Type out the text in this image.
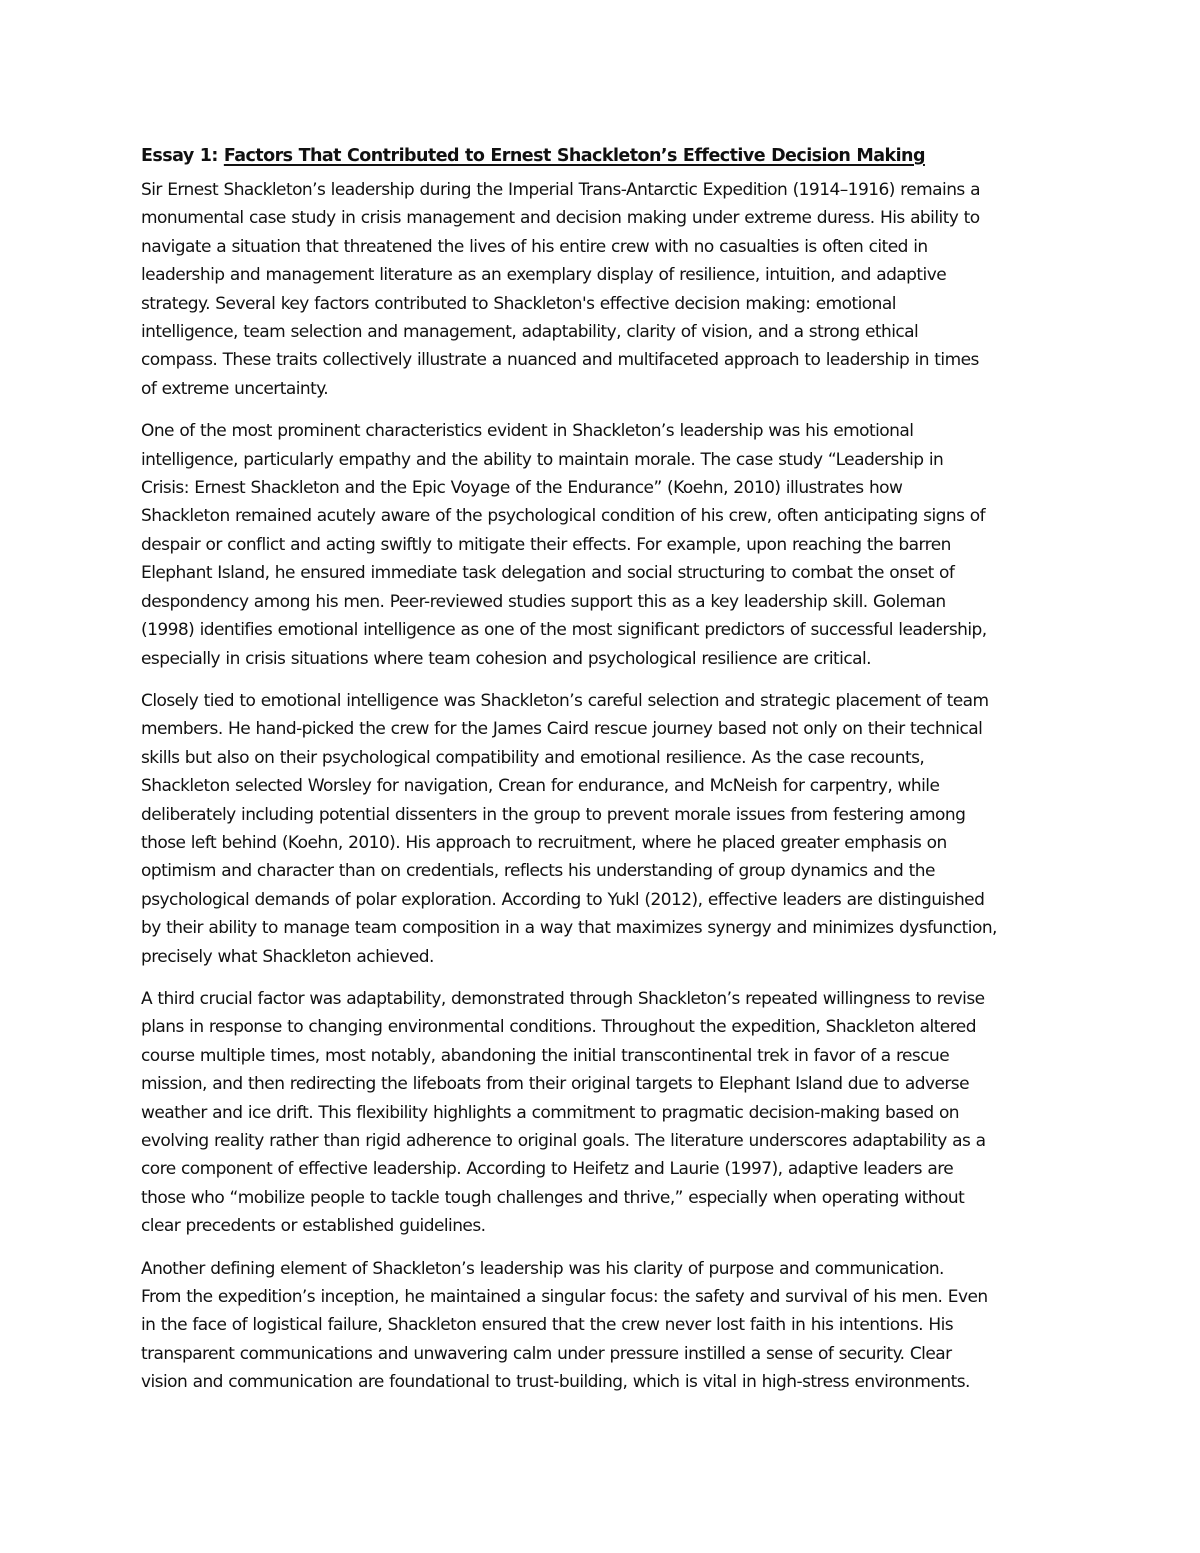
Essay 1: Factors That Contributed to Ernest Shackleton’s Effective Decision Making

Sir Ernest Shackleton’s leadership during the Imperial Trans-Antarctic Expedition (1914–1916) remains a
monumental case study in crisis management and decision making under extreme duress. His ability to
navigate a situation that threatened the lives of his entire crew with no casualties is often cited in
leadership and management literature as an exemplary display of resilience, intuition, and adaptive
strategy. Several key factors contributed to Shackleton's effective decision making: emotional
intelligence, team selection and management, adaptability, clarity of vision, and a strong ethical
compass. These traits collectively illustrate a nuanced and multifaceted approach to leadership in times
of extreme uncertainty.

One of the most prominent characteristics evident in Shackleton’s leadership was his emotional
intelligence, particularly empathy and the ability to maintain morale. The case study “Leadership in
Crisis: Ernest Shackleton and the Epic Voyage of the Endurance” (Koehn, 2010) illustrates how
Shackleton remained acutely aware of the psychological condition of his crew, often anticipating signs of
despair or conflict and acting swiftly to mitigate their effects. For example, upon reaching the barren
Elephant Island, he ensured immediate task delegation and social structuring to combat the onset of
despondency among his men. Peer-reviewed studies support this as a key leadership skill. Goleman
(1998) identifies emotional intelligence as one of the most significant predictors of successful leadership,
especially in crisis situations where team cohesion and psychological resilience are critical.

Closely tied to emotional intelligence was Shackleton’s careful selection and strategic placement of team
members. He hand-picked the crew for the James Caird rescue journey based not only on their technical
skills but also on their psychological compatibility and emotional resilience. As the case recounts,
Shackleton selected Worsley for navigation, Crean for endurance, and McNeish for carpentry, while
deliberately including potential dissenters in the group to prevent morale issues from festering among
those left behind (Koehn, 2010). His approach to recruitment, where he placed greater emphasis on
optimism and character than on credentials, reflects his understanding of group dynamics and the
psychological demands of polar exploration. According to Yukl (2012), effective leaders are distinguished
by their ability to manage team composition in a way that maximizes synergy and minimizes dysfunction,
precisely what Shackleton achieved.

A third crucial factor was adaptability, demonstrated through Shackleton’s repeated willingness to revise
plans in response to changing environmental conditions. Throughout the expedition, Shackleton altered
course multiple times, most notably, abandoning the initial transcontinental trek in favor of a rescue
mission, and then redirecting the lifeboats from their original targets to Elephant Island due to adverse
weather and ice drift. This flexibility highlights a commitment to pragmatic decision-making based on
evolving reality rather than rigid adherence to original goals. The literature underscores adaptability as a
core component of effective leadership. According to Heifetz and Laurie (1997), adaptive leaders are
those who “mobilize people to tackle tough challenges and thrive,” especially when operating without
clear precedents or established guidelines.

Another defining element of Shackleton’s leadership was his clarity of purpose and communication.
From the expedition’s inception, he maintained a singular focus: the safety and survival of his men. Even
in the face of logistical failure, Shackleton ensured that the crew never lost faith in his intentions. His
transparent communications and unwavering calm under pressure instilled a sense of security. Clear
vision and communication are foundational to trust-building, which is vital in high-stress environments.
